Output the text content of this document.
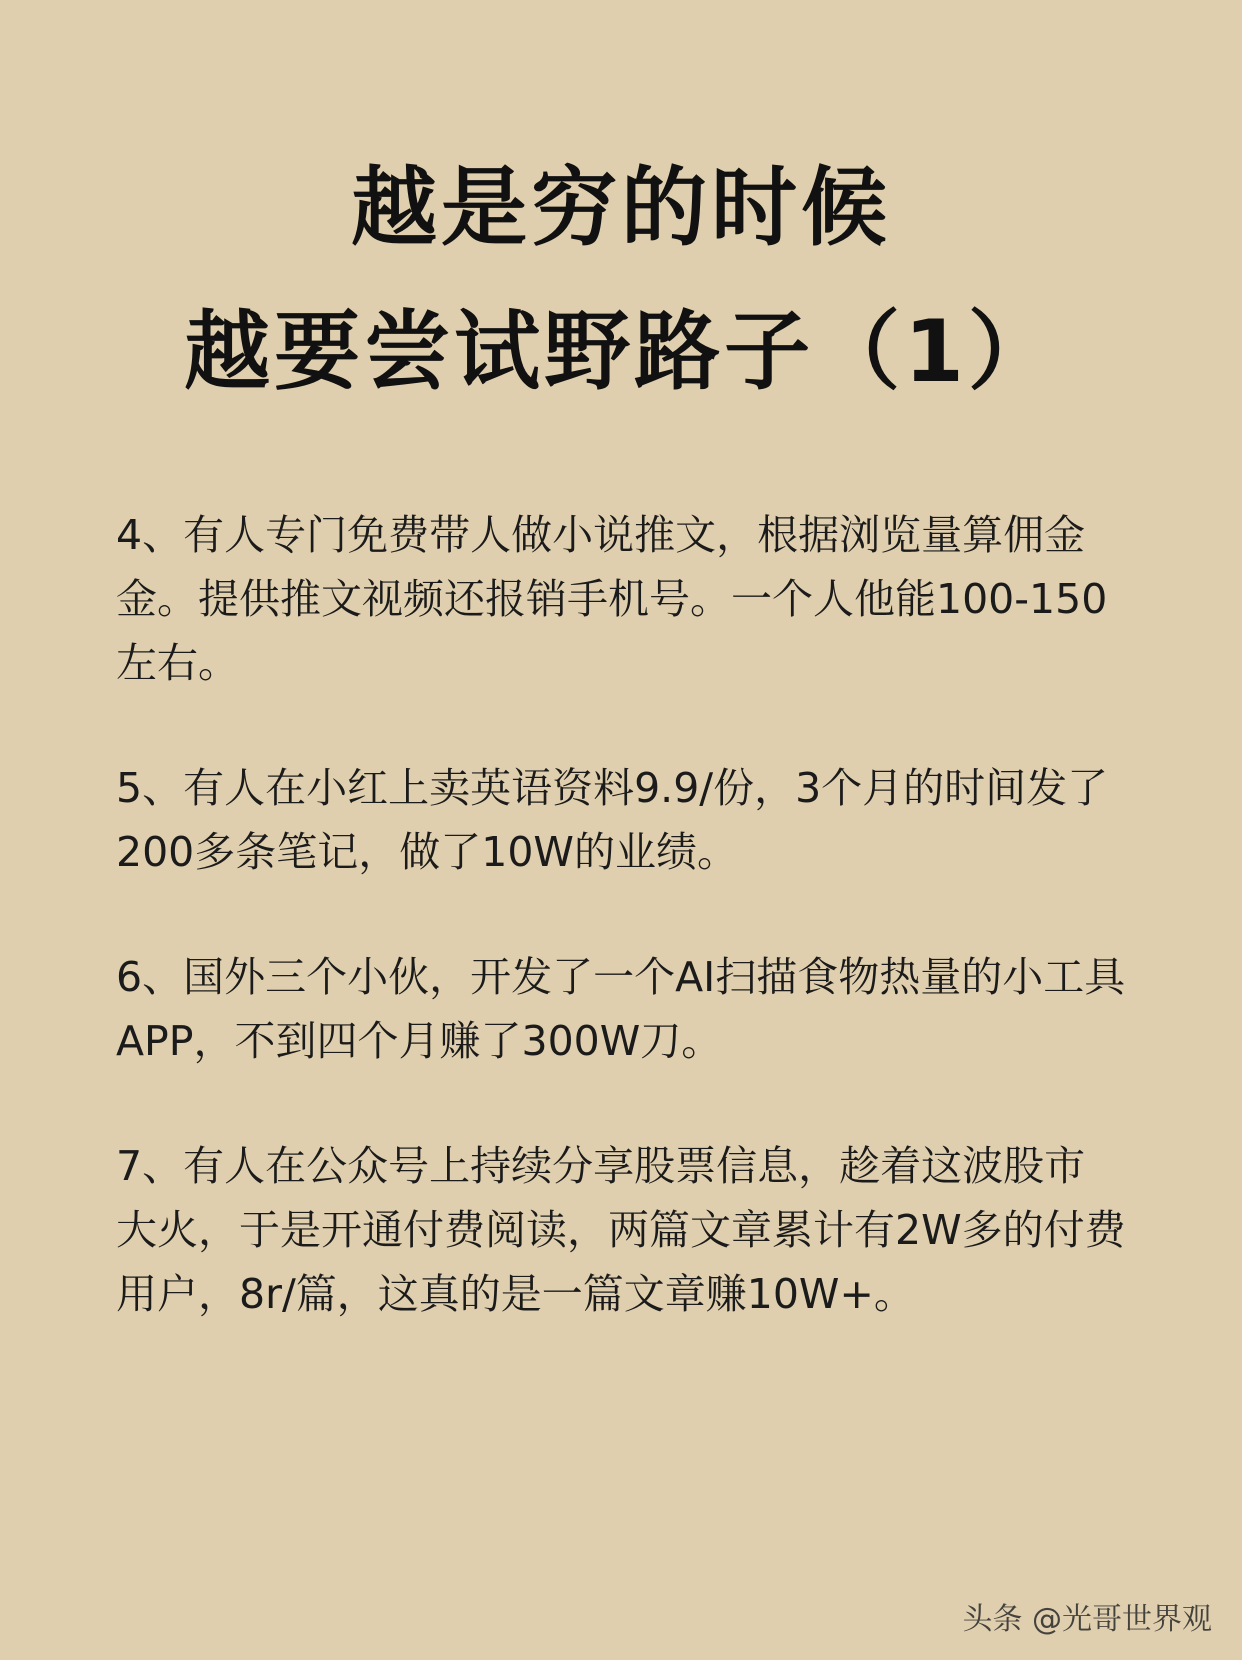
越是穷的时候
越要尝试野路子（1）

4、有人专门免费带人做小说推文，根据浏览量算佣金金。提供推文视频还报销手机号。一个人他能100-150左右。

5、有人在小红上卖英语资料9.9/份，3个月的时间发了200多条笔记，做了10W的业绩。

6、国外三个小伙，开发了一个AI扫描食物热量的小工具APP，不到四个月赚了300W刀。

7、有人在公众号上持续分享股票信息，趁着这波股市大火，于是开通付费阅读，两篇文章累计有2W多的付费用户，8r/篇，这真的是一篇文章赚10W+。

头条 @光哥世界观
